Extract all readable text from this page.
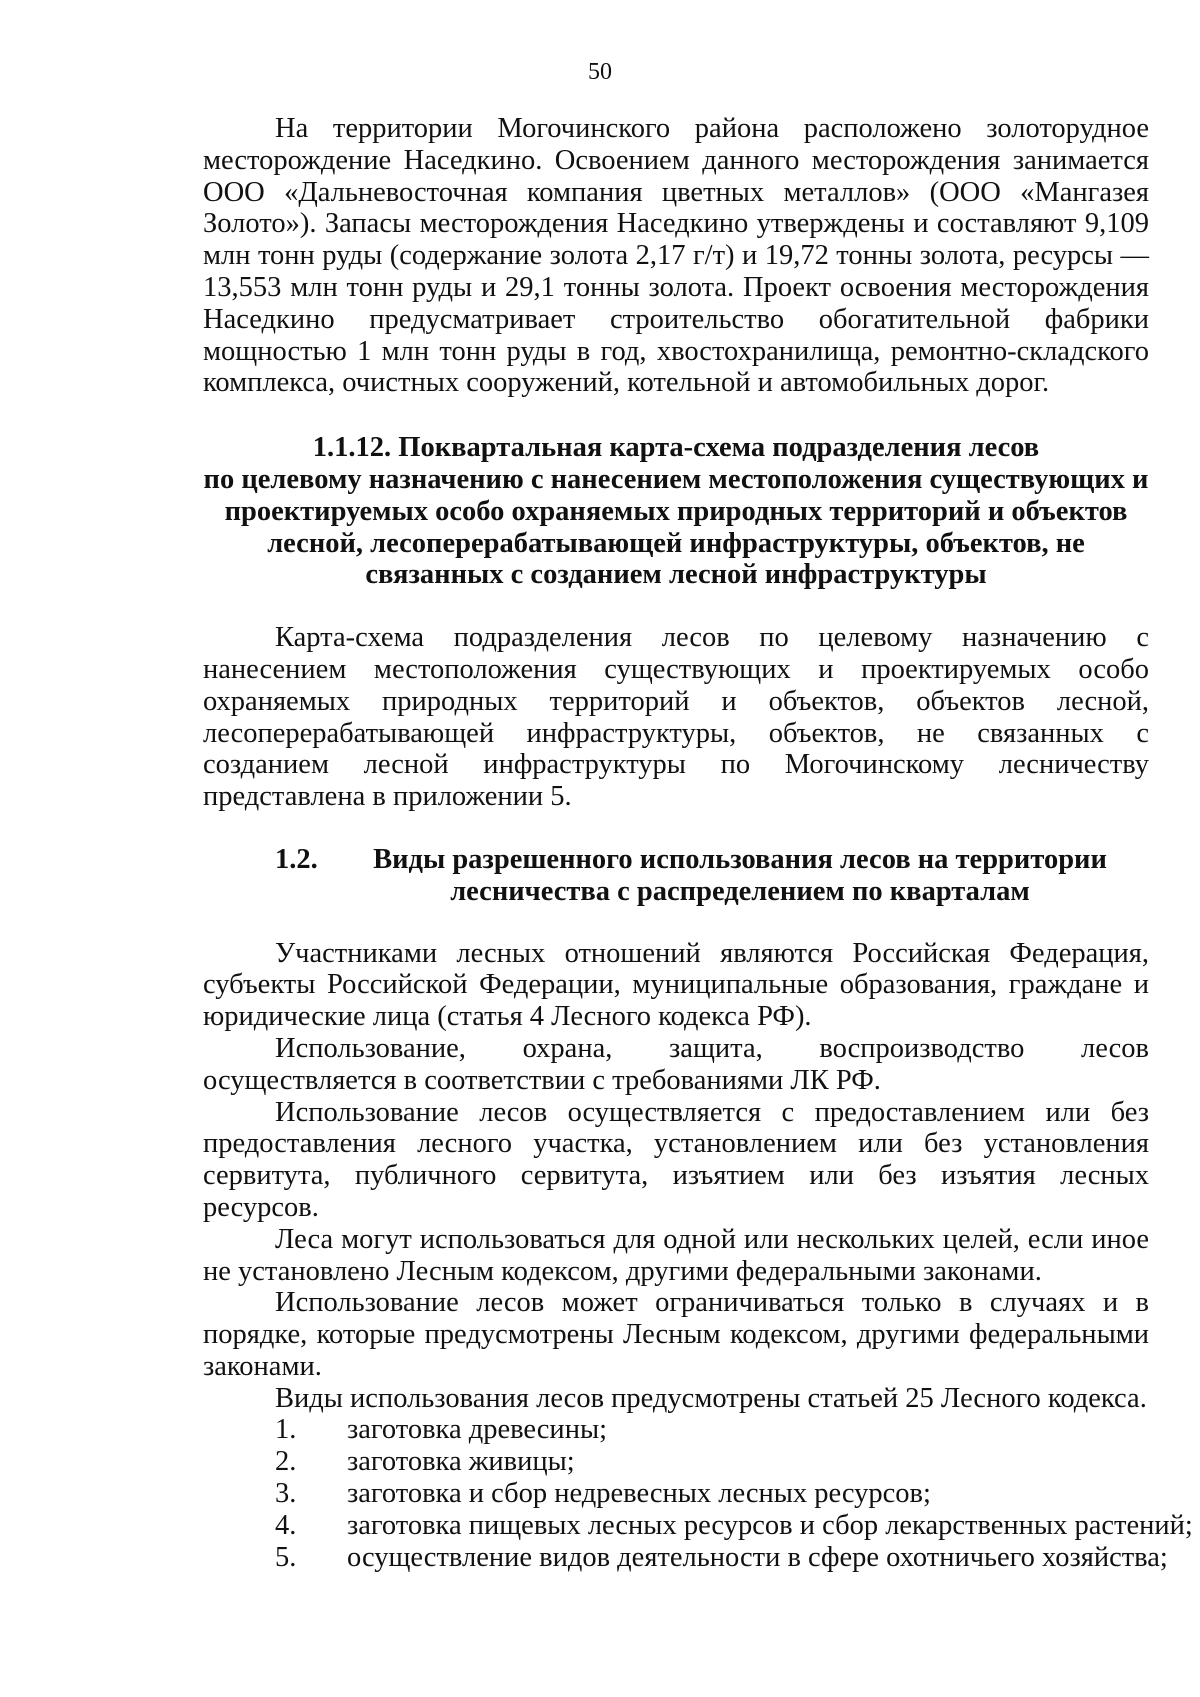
50

На территории Могочинского района расположено золоторудное месторождение Наседкино. Освоением данного месторождения занимается ООО «Дальневосточная компания цветных металлов» (ООО «Мангазея Золото»). Запасы месторождения Наседкино утверждены и составляют 9,109 млн тонн руды (содержание золота 2,17 г/т) и 19,72 тонны золота, ресурсы — 13,553 млн тонн руды и 29,1 тонны золота. Проект освоения месторождения Наседкино предусматривает строительство обогатительной фабрики мощностью 1 млн тонн руды в год, хвостохранилища, ремонтно-складского комплекса, очистных сооружений, котельной и автомобильных дорог.

1.1.12. Поквартальная карта-схема подразделения лесов
по целевому назначению с нанесением местоположения существующих и
проектируемых особо охраняемых природных территорий и объектов
лесной, лесоперерабатывающей инфраструктуры, объектов, не
связанных с созданием лесной инфраструктуры

Карта-схема подразделения лесов по целевому назначению с нанесением местоположения существующих и проектируемых особо охраняемых природных территорий и объектов, объектов лесной, лесоперерабатывающей инфраструктуры, объектов, не связанных с созданием лесной инфраструктуры по Могочинскому лесничеству представлена в приложении 5.

1.2.	Виды разрешенного использования лесов на территории
лесничества с распределением по кварталам

Участниками лесных отношений являются Российская Федерация, субъекты Российской Федерации, муниципальные образования, граждане и юридические лица (статья 4 Лесного кодекса РФ).

Использование, охрана, защита, воспроизводство лесов осуществляется в соответствии с требованиями ЛК РФ.

Использование лесов осуществляется с предоставлением или без предоставления лесного участка, установлением или без установления сервитута, публичного сервитута, изъятием или без изъятия лесных ресурсов.

Леса могут использоваться для одной или нескольких целей, если иное не установлено Лесным кодексом, другими федеральными законами.

Использование лесов может ограничиваться только в случаях и в порядке, которые предусмотрены Лесным кодексом, другими федеральными законами.

Виды использования лесов предусмотрены статьей 25 Лесного кодекса.

1.	заготовка древесины;
2.	заготовка живицы;
3.	заготовка и сбор недревесных лесных ресурсов;
4.	заготовка пищевых лесных ресурсов и сбор лекарственных растений;
5.	осуществление видов деятельности в сфере охотничьего хозяйства;
